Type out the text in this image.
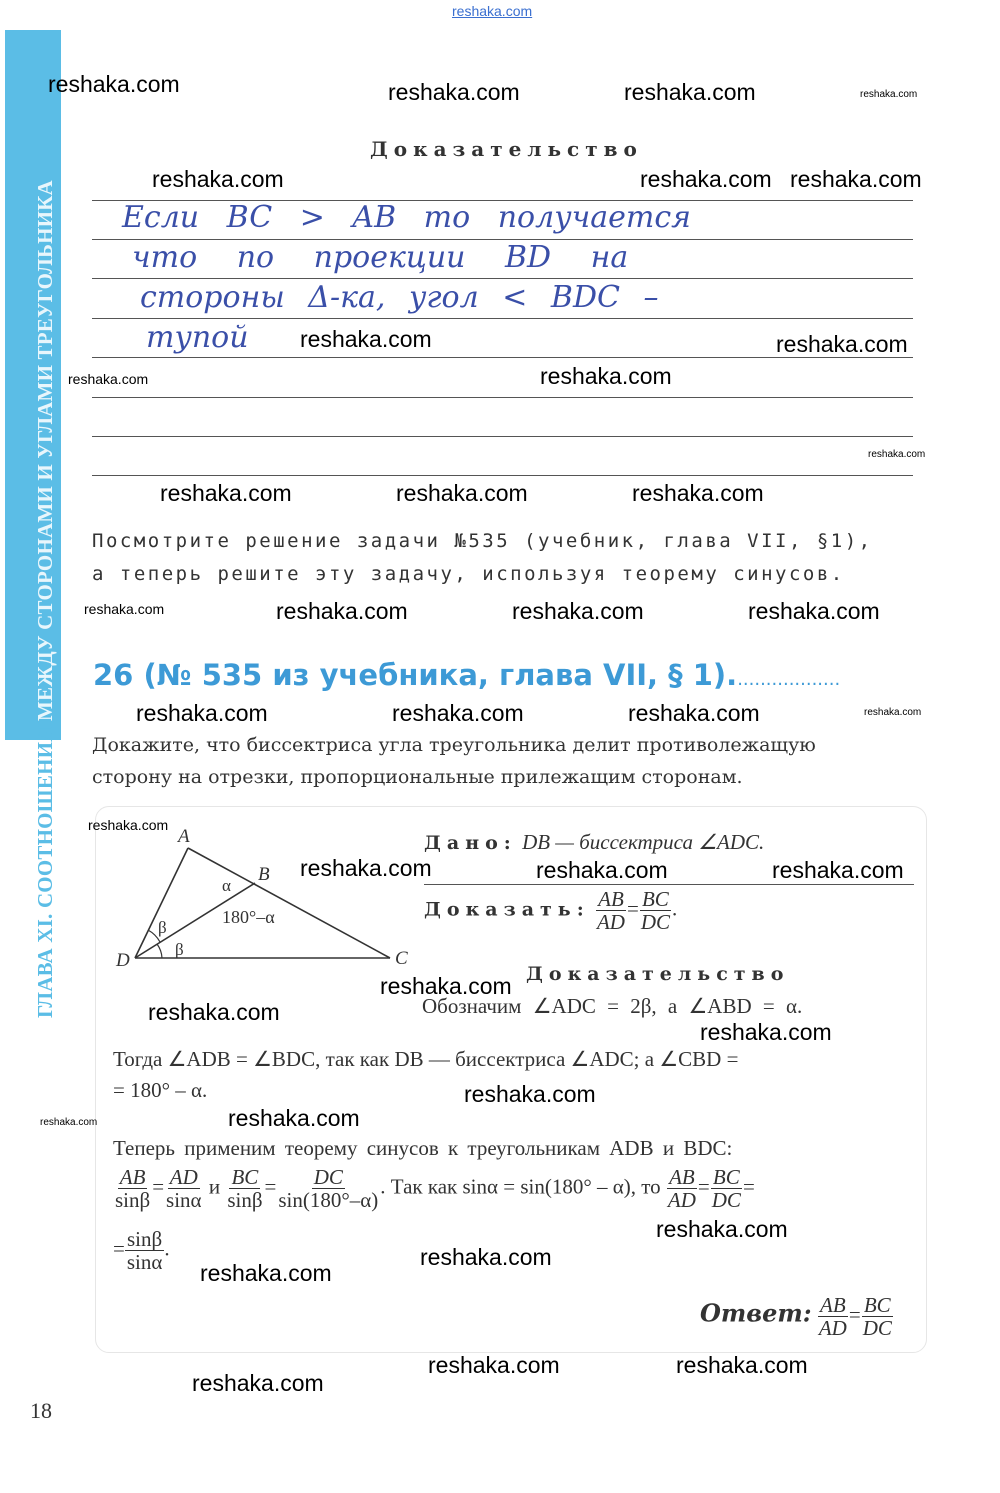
reshaka.com
ГЛАВА XI. СООТНОШЕНИЯ МЕЖДУ СТОРОНАМИ И УГЛАМИ ТРЕУГОЛЬНИКА
Доказательство
Если BC > AB то получается
что по проекции BD на
стороны Δ-ка, угол < BDC –
тупой
Посмотрите решение задачи №535 (учебник, глава VII, §1),
а теперь решите эту задачу, используя теорему синусов.
26 (№ 535 из учебника, глава VII, § 1)...................
Докажите, что биссектриса угла треугольника делит противолежащую
сторону на отрезки, пропорциональные прилежащим сторонам.
A
B
C
D
α
β
β
180°–α
Дано: DB — биссектриса ∠ADC.
Доказать: $\frac{AB}{AD} = \frac{BC}{DC}$ .
Доказательство
Обозначим ∠ADC = 2β, а ∠ABD = α.
Тогда ∠ADB = ∠BDC, так как DB — биссектриса ∠ADC; а ∠CBD =
= 180° – α.
Теперь применим теорему синусов к треугольникам ADB и BDC:
$\frac{AB}{\sin\beta} = \frac{AD}{\sin\alpha}$ и $\frac{BC}{\sin\beta} = \frac{DC}{\sin(180^\circ-\alpha)}$ . Так как sinα = sin(180° – α), то $\frac{AB}{AD} = \frac{BC}{DC}$ =
= $\frac{\sin\beta}{\sin\alpha}$ .
Ответ: $\frac{AB}{AD} = \frac{BC}{DC}$
18
reshaka.com	reshaka.com	reshaka.com	reshaka.com
reshaka.com	reshaka.com reshaka.com
reshaka.com	reshaka.com
reshaka.com	reshaka.com
reshaka.com
reshaka.com	reshaka.com	reshaka.com
reshaka.com	reshaka.com	reshaka.com	reshaka.com
reshaka.com	reshaka.com	reshaka.com	reshaka.com
reshaka.com
reshaka.com	reshaka.com	reshaka.com
reshaka.com
reshaka.com
reshaka.com
reshaka.com
reshaka.com	reshaka.com
reshaka.com
reshaka.com
reshaka.com
reshaka.com
reshaka.com
reshaka.com
